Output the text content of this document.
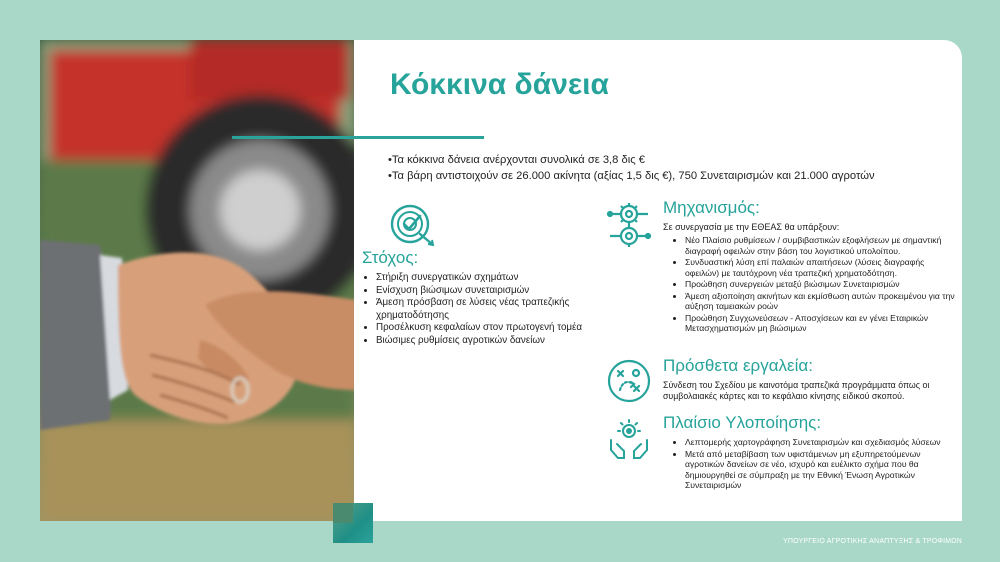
Κόκκινα δάνεια
• Τα κόκκινα δάνεια ανέρχονται συνολικά σε 3,8 δις €
• Τα βάρη αντιστοιχούν σε 26.000 ακίνητα (αξίας 1,5 δις €), 750 Συνεταιρισμών και 21.000 αγροτών
Στόχος:
• Στήριξη συνεργατικών σχημάτων
• Ενίσχυση βιώσιμων συνεταιρισμών
• Άμεση πρόσβαση σε λύσεις νέας τραπεζικής χρηματοδότησης
• Προσέλκυση κεφαλαίων στον πρωτογενή τομέα
• Βιώσιμες ρυθμίσεις αγροτικών δανείων
Μηχανισμός:
Σε συνεργασία με την ΕΘΕΑΣ θα υπάρξουν:
• Νέο Πλαίσιο ρυθμίσεων / συμβιβαστικών εξοφλήσεων με σημαντική διαγραφή οφειλών στην βάση του λογιστικού υπολοίπου.
• Συνδυαστική λύση επί παλαιών απαιτήσεων (λύσεις διαγραφής οφειλών) με ταυτόχρονη νέα τραπεζική χρηματοδότηση.
• Προώθηση συνεργειών μεταξύ βιώσιμων Συνεταιρισμών
• Άμεση αξιοποίηση ακινήτων και εκμίσθωση αυτών προκειμένου για την αύξηση ταμειακών ροών
• Προώθηση Συγχωνεύσεων - Αποσχίσεων και εν γένει Εταιρικών Μετασχηματισμών μη βιώσιμων
Πρόσθετα εργαλεία:
Σύνδεση του Σχεδίου με καινοτόμα τραπεζικά προγράμματα όπως οι συμβολαιακές κάρτες και το κεφάλαιο κίνησης ειδικού σκοπού.
Πλαίσιο Υλοποίησης:
• Λεπτομερής χαρτογράφηση Συνεταιρισμών και σχεδιασμός λύσεων
• Μετά από μεταβίβαση των υφιστάμενων μη εξυπηρετούμενων αγροτικών δανείων σε νέο, ισχυρό και ευέλικτο σχήμα που θα δημιουργηθεί σε σύμπραξη με την Εθνική Ένωση Αγροτικών Συνεταιρισμών
ΥΠΟΥΡΓΕΙΟ ΑΓΡΟΤΙΚΗΣ ΑΝΑΠΤΥΞΗΣ & ΤΡΟΦΙΜΩΝ
